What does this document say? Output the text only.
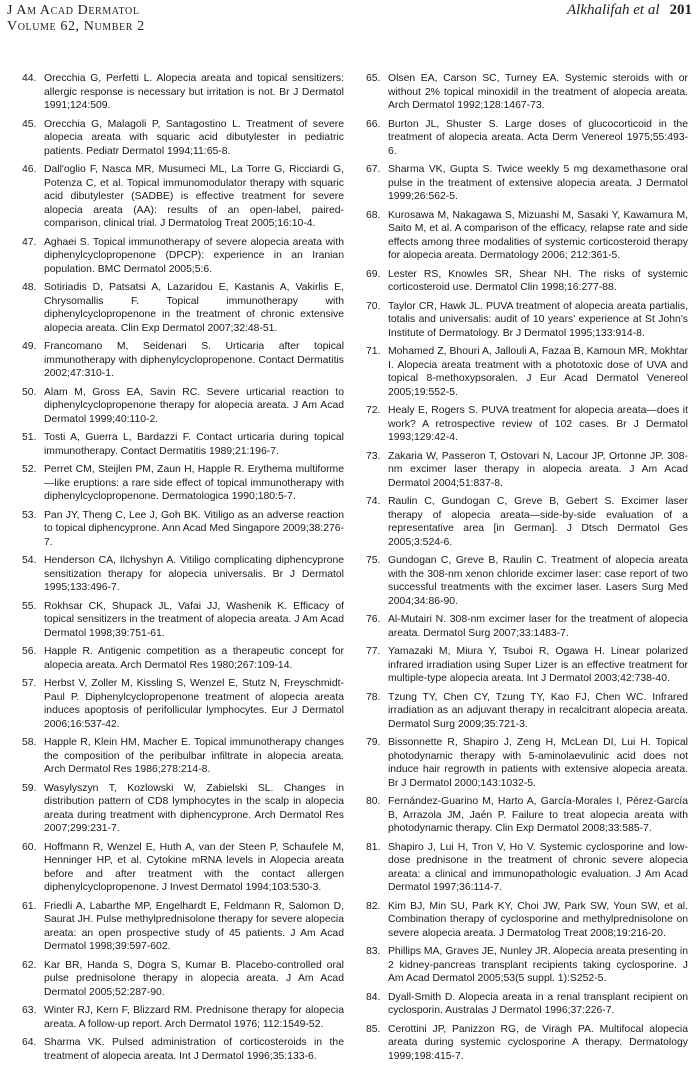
J Am Acad Dermatol
Volume 62, Number 2
Alkhalifah et al 201
44. Orecchia G, Perfetti L. Alopecia areata and topical sensitizers: allergic response is necessary but irritation is not. Br J Dermatol 1991;124:509.
45. Orecchia G, Malagoli P, Santagostino L. Treatment of severe alopecia areata with squaric acid dibutylester in pediatric patients. Pediatr Dermatol 1994;11:65-8.
46. Dall'oglio F, Nasca MR, Musumeci ML, La Torre G, Ricciardi G, Potenza C, et al. Topical immunomodulator therapy with squaric acid dibutylester (SADBE) is effective treatment for severe alopecia areata (AA): results of an open-label, paired-comparison, clinical trial. J Dermatolog Treat 2005;16:10-4.
47. Aghaei S. Topical immunotherapy of severe alopecia areata with diphenylcyclopropenone (DPCP): experience in an Iranian population. BMC Dermatol 2005;5:6.
48. Sotiriadis D, Patsatsi A, Lazaridou E, Kastanis A, Vakirlis E, Chrysomallis F. Topical immunotherapy with diphenylcyclopropenone in the treatment of chronic extensive alopecia areata. Clin Exp Dermatol 2007;32:48-51.
49. Francomano M, Seidenari S. Urticaria after topical immunotherapy with diphenylcyclopropenone. Contact Dermatitis 2002;47:310-1.
50. Alam M, Gross EA, Savin RC. Severe urticarial reaction to diphenylcyclopropenone therapy for alopecia areata. J Am Acad Dermatol 1999;40:110-2.
51. Tosti A, Guerra L, Bardazzi F. Contact urticaria during topical immunotherapy. Contact Dermatitis 1989;21:196-7.
52. Perret CM, Steijlen PM, Zaun H, Happle R. Erythema multiforme—like eruptions: a rare side effect of topical immunotherapy with diphenylcyclopropenone. Dermatologica 1990;180:5-7.
53. Pan JY, Theng C, Lee J, Goh BK. Vitiligo as an adverse reaction to topical diphencyprone. Ann Acad Med Singapore 2009;38:276-7.
54. Henderson CA, Ilchyshyn A. Vitiligo complicating diphencyprone sensitization therapy for alopecia universalis. Br J Dermatol 1995;133:496-7.
55. Rokhsar CK, Shupack JL, Vafai JJ, Washenik K. Efficacy of topical sensitizers in the treatment of alopecia areata. J Am Acad Dermatol 1998;39:751-61.
56. Happle R. Antigenic competition as a therapeutic concept for alopecia areata. Arch Dermatol Res 1980;267:109-14.
57. Herbst V, Zoller M, Kissling S, Wenzel E, Stutz N, Freyschmidt-Paul P. Diphenylcyclopropenone treatment of alopecia areata induces apoptosis of perifollicular lymphocytes. Eur J Dermatol 2006;16:537-42.
58. Happle R, Klein HM, Macher E. Topical immunotherapy changes the composition of the peribulbar infiltrate in alopecia areata. Arch Dermatol Res 1986;278:214-8.
59. Wasylyszyn T, Kozlowski W, Zabielski SL. Changes in distribution pattern of CD8 lymphocytes in the scalp in alopecia areata during treatment with diphencyprone. Arch Dermatol Res 2007;299:231-7.
60. Hoffmann R, Wenzel E, Huth A, van der Steen P, Schaufele M, Henninger HP, et al. Cytokine mRNA levels in Alopecia areata before and after treatment with the contact allergen diphenylcyclopropenone. J Invest Dermatol 1994;103:530-3.
61. Friedli A, Labarthe MP, Engelhardt E, Feldmann R, Salomon D, Saurat JH. Pulse methylprednisolone therapy for severe alopecia areata: an open prospective study of 45 patients. J Am Acad Dermatol 1998;39:597-602.
62. Kar BR, Handa S, Dogra S, Kumar B. Placebo-controlled oral pulse prednisolone therapy in alopecia areata. J Am Acad Dermatol 2005;52:287-90.
63. Winter RJ, Kern F, Blizzard RM. Prednisone therapy for alopecia areata. A follow-up report. Arch Dermatol 1976; 112:1549-52.
64. Sharma VK. Pulsed administration of corticosteroids in the treatment of alopecia areata. Int J Dermatol 1996;35:133-6.
65. Olsen EA, Carson SC, Turney EA. Systemic steroids with or without 2% topical minoxidil in the treatment of alopecia areata. Arch Dermatol 1992;128:1467-73.
66. Burton JL, Shuster S. Large doses of glucocorticoid in the treatment of alopecia areata. Acta Derm Venereol 1975;55:493-6.
67. Sharma VK, Gupta S. Twice weekly 5 mg dexamethasone oral pulse in the treatment of extensive alopecia areata. J Dermatol 1999;26:562-5.
68. Kurosawa M, Nakagawa S, Mizuashi M, Sasaki Y, Kawamura M, Saito M, et al. A comparison of the efficacy, relapse rate and side effects among three modalities of systemic corticosteroid therapy for alopecia areata. Dermatology 2006; 212:361-5.
69. Lester RS, Knowles SR, Shear NH. The risks of systemic corticosteroid use. Dermatol Clin 1998;16:277-88.
70. Taylor CR, Hawk JL. PUVA treatment of alopecia areata partialis, totalis and universalis: audit of 10 years' experience at St John's Institute of Dermatology. Br J Dermatol 1995;133:914-8.
71. Mohamed Z, Bhouri A, Jallouli A, Fazaa B, Kamoun MR, Mokhtar I. Alopecia areata treatment with a phototoxic dose of UVA and topical 8-methoxypsoralen. J Eur Acad Dermatol Venereol 2005;19:552-5.
72. Healy E, Rogers S. PUVA treatment for alopecia areata—does it work? A retrospective review of 102 cases. Br J Dermatol 1993;129:42-4.
73. Zakaria W, Passeron T, Ostovari N, Lacour JP, Ortonne JP. 308-nm excimer laser therapy in alopecia areata. J Am Acad Dermatol 2004;51:837-8.
74. Raulin C, Gundogan C, Greve B, Gebert S. Excimer laser therapy of alopecia areata—side-by-side evaluation of a representative area [in German]. J Dtsch Dermatol Ges 2005;3:524-6.
75. Gundogan C, Greve B, Raulin C. Treatment of alopecia areata with the 308-nm xenon chloride excimer laser: case report of two successful treatments with the excimer laser. Lasers Surg Med 2004;34:86-90.
76. Al-Mutairi N. 308-nm excimer laser for the treatment of alopecia areata. Dermatol Surg 2007;33:1483-7.
77. Yamazaki M, Miura Y, Tsuboi R, Ogawa H. Linear polarized infrared irradiation using Super Lizer is an effective treatment for multiple-type alopecia areata. Int J Dermatol 2003;42:738-40.
78. Tzung TY, Chen CY, Tzung TY, Kao FJ, Chen WC. Infrared irradiation as an adjuvant therapy in recalcitrant alopecia areata. Dermatol Surg 2009;35:721-3.
79. Bissonnette R, Shapiro J, Zeng H, McLean DI, Lui H. Topical photodynamic therapy with 5-aminolaevulinic acid does not induce hair regrowth in patients with extensive alopecia areata. Br J Dermatol 2000;143:1032-5.
80. Fernández-Guarino M, Harto A, García-Morales I, Pérez-García B, Arrazola JM, Jaén P. Failure to treat alopecia areata with photodynamic therapy. Clin Exp Dermatol 2008;33:585-7.
81. Shapiro J, Lui H, Tron V, Ho V. Systemic cyclosporine and low-dose prednisone in the treatment of chronic severe alopecia areata: a clinical and immunopathologic evaluation. J Am Acad Dermatol 1997;36:114-7.
82. Kim BJ, Min SU, Park KY, Choi JW, Park SW, Youn SW, et al. Combination therapy of cyclosporine and methylprednisolone on severe alopecia areata. J Dermatolog Treat 2008;19:216-20.
83. Phillips MA, Graves JE, Nunley JR. Alopecia areata presenting in 2 kidney-pancreas transplant recipients taking cyclosporine. J Am Acad Dermatol 2005;53(5 suppl. 1):S252-5.
84. Dyall-Smith D. Alopecia areata in a renal transplant recipient on cyclosporin. Australas J Dermatol 1996;37:226-7.
85. Cerottini JP, Panizzon RG, de Viragh PA. Multifocal alopecia areata during systemic cyclosporine A therapy. Dermatology 1999;198:415-7.
